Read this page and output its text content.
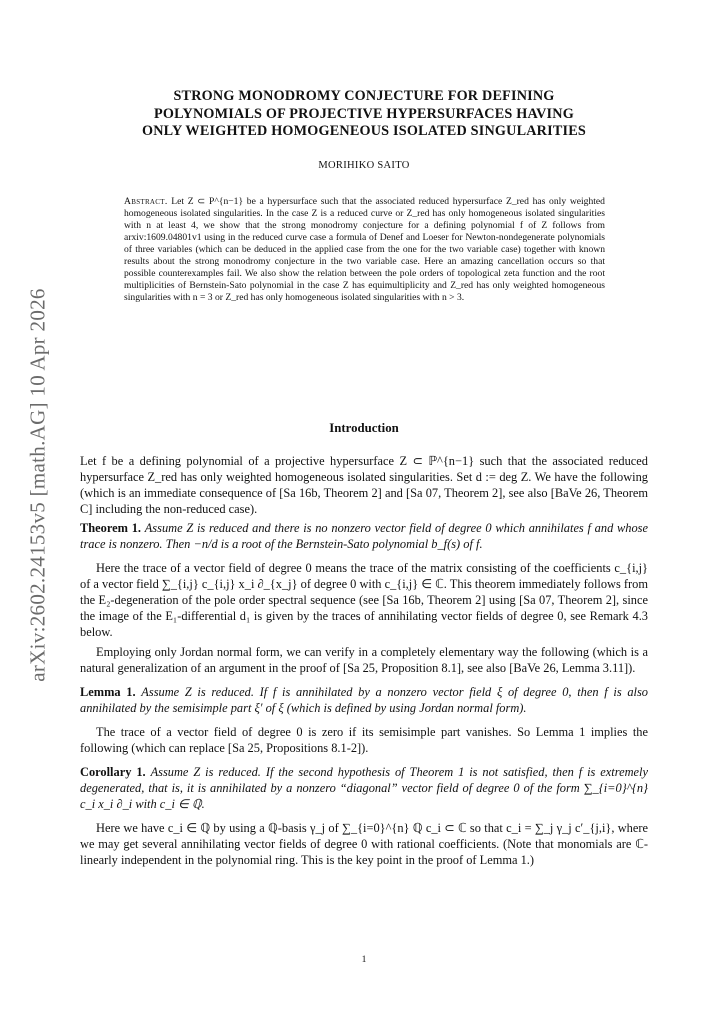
arXiv:2602.24153v5 [math.AG] 10 Apr 2026
STRONG MONODROMY CONJECTURE FOR DEFINING
POLYNOMIALS OF PROJECTIVE HYPERSURFACES HAVING
ONLY WEIGHTED HOMOGENEOUS ISOLATED SINGULARITIES
MORIHIKO SAITO
Abstract. Let Z ⊂ P^{n−1} be a hypersurface such that the associated reduced hypersurface Z_red has only weighted homogeneous isolated singularities. In the case Z is a reduced curve or Z_red has only homogeneous isolated singularities with n at least 4, we show that the strong monodromy conjecture for a defining polynomial f of Z follows from arxiv:1609.04801v1 using in the reduced curve case a formula of Denef and Loeser for Newton-nondegenerate polynomials of three variables (which can be deduced in the applied case from the one for the two variable case) together with known results about the strong monodromy conjecture in the two variable case. Here an amazing cancellation occurs so that possible counterexamples fail. We also show the relation between the pole orders of topological zeta function and the root multiplicities of Bernstein-Sato polynomial in the case Z has equimultiplicity and Z_red has only weighted homogeneous singularities with n = 3 or Z_red has only homogeneous isolated singularities with n > 3.
Introduction

Let f be a defining polynomial of a projective hypersurface Z ⊂ ℙ^{n−1} such that the associated reduced hypersurface Z_red has only weighted homogeneous isolated singularities. Set d := deg Z. We have the following (which is an immediate consequence of [Sa 16b, Theorem 2] and [Sa 07, Theorem 2], see also [BaVe 26, Theorem C] including the non-reduced case).

Theorem 1. Assume Z is reduced and there is no nonzero vector field of degree 0 which annihilates f and whose trace is nonzero. Then −n/d is a root of the Bernstein-Sato polynomial b_f(s) of f.

Here the trace of a vector field of degree 0 means the trace of the matrix consisting of the coefficients c_{i,j} of a vector field ∑_{i,j} c_{i,j} x_i ∂_{x_j} of degree 0 with c_{i,j} ∈ ℂ. This theorem immediately follows from the E₂-degeneration of the pole order spectral sequence (see [Sa 16b, Theorem 2] using [Sa 07, Theorem 2], since the image of the E₁-differential d₁ is given by the traces of annihilating vector fields of degree 0, see Remark 4.3 below.

Employing only Jordan normal form, we can verify in a completely elementary way the following (which is a natural generalization of an argument in the proof of [Sa 25, Proposition 8.1], see also [BaVe 26, Lemma 3.11]).

Lemma 1. Assume Z is reduced. If f is annihilated by a nonzero vector field ξ of degree 0, then f is also annihilated by the semisimple part ξ′ of ξ (which is defined by using Jordan normal form).

The trace of a vector field of degree 0 is zero if its semisimple part vanishes. So Lemma 1 implies the following (which can replace [Sa 25, Propositions 8.1-2]).

Corollary 1. Assume Z is reduced. If the second hypothesis of Theorem 1 is not satisfied, then f is extremely degenerated, that is, it is annihilated by a nonzero “diagonal” vector field of degree 0 of the form ∑_{i=0}^{n} c_i x_i ∂_i with c_i ∈ ℚ.

Here we have c_i ∈ ℚ by using a ℚ-basis γ_j of ∑_{i=0}^{n} ℚ c_i ⊂ ℂ so that c_i = ∑_j γ_j c′_{j,i}, where we may get several annihilating vector fields of degree 0 with rational coefficients. (Note that monomials are ℂ-linearly independent in the polynomial ring. This is the key point in the proof of Lemma 1.)

1
